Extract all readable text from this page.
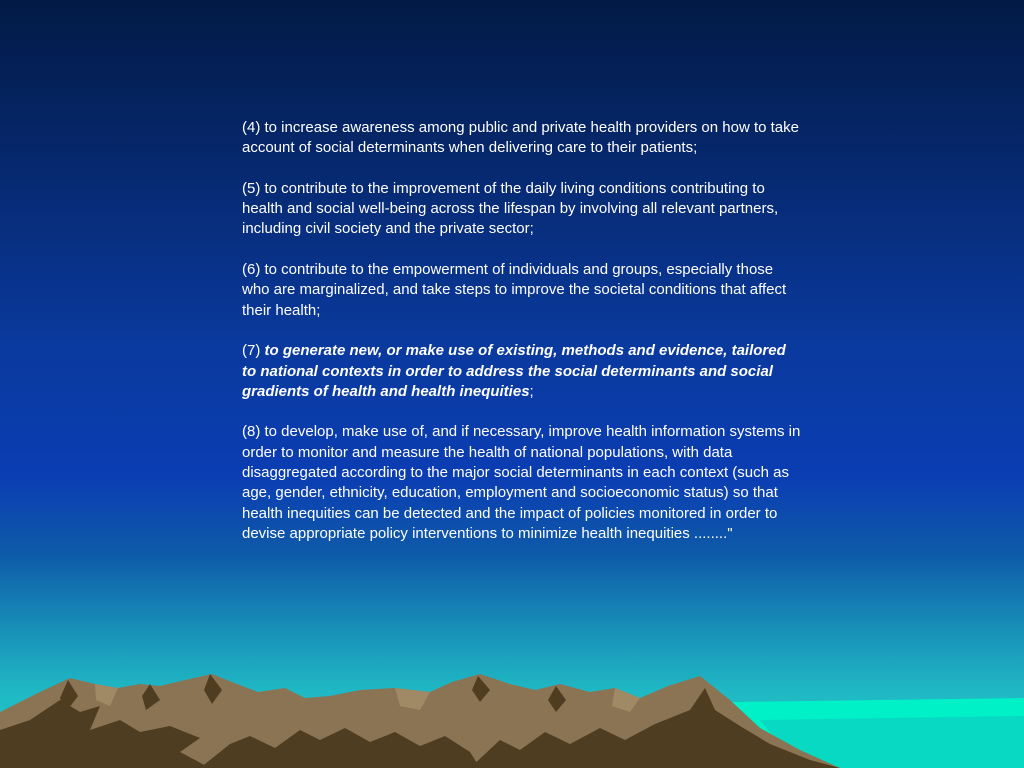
(4) to increase awareness among public and private health providers on how to take account of social determinants when delivering care to their patients;

(5) to contribute to the improvement of the daily living conditions contributing to health and social well-being across the lifespan by involving all relevant partners, including civil society and the private sector;

(6) to contribute to the empowerment of individuals and groups, especially those who are marginalized, and take steps to improve the societal conditions that affect their health;

(7) to generate new, or make use of existing, methods and evidence, tailored to national contexts in order to address the social determinants and social gradients of health and health inequities;

(8) to develop, make use of, and if necessary, improve health information systems in order to monitor and measure the health of national populations, with data disaggregated according to the major social determinants in each context (such as age, gender, ethnicity, education, employment and socioeconomic status) so that health inequities can be detected and the impact of policies monitored in order to devise appropriate policy interventions to minimize health inequities ........"
